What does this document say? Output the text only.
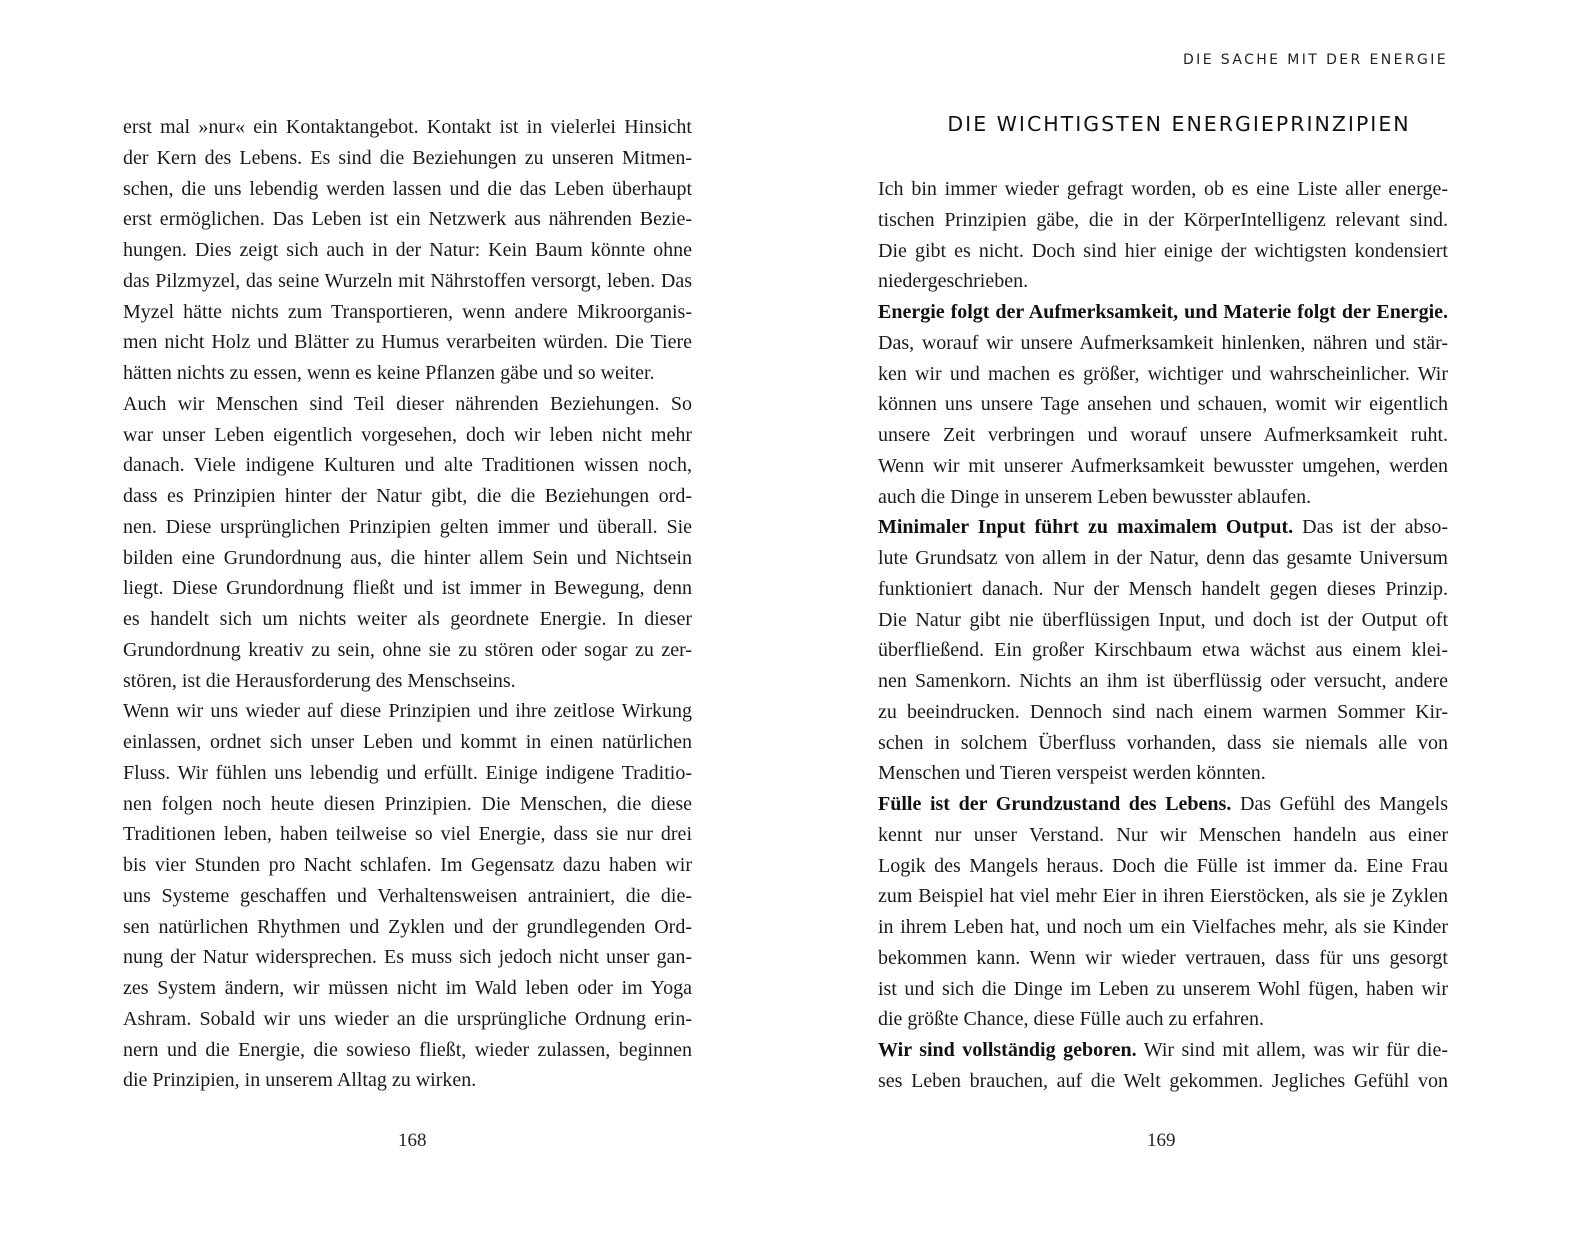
erst mal »nur« ein Kontaktangebot. Kontakt ist in vielerlei Hinsicht
der Kern des Lebens. Es sind die Beziehungen zu unseren Mitmen-
schen, die uns lebendig werden lassen und die das Leben überhaupt
erst ermöglichen. Das Leben ist ein Netzwerk aus nährenden Bezie-
hungen. Dies zeigt sich auch in der Natur: Kein Baum könnte ohne
das Pilzmyzel, das seine Wurzeln mit Nährstoffen versorgt, leben. Das
Myzel hätte nichts zum Transportieren, wenn andere Mikroorganis-
men nicht Holz und Blätter zu Humus verarbeiten würden. Die Tiere
hätten nichts zu essen, wenn es keine Pflanzen gäbe und so weiter.
Auch wir Menschen sind Teil dieser nährenden Beziehungen. So
war unser Leben eigentlich vorgesehen, doch wir leben nicht mehr
danach. Viele indigene Kulturen und alte Traditionen wissen noch,
dass es Prinzipien hinter der Natur gibt, die die Beziehungen ord-
nen. Diese ursprünglichen Prinzipien gelten immer und überall. Sie
bilden eine Grundordnung aus, die hinter allem Sein und Nichtsein
liegt. Diese Grundordnung fließt und ist immer in Bewegung, denn
es handelt sich um nichts weiter als geordnete Energie. In dieser
Grundordnung kreativ zu sein, ohne sie zu stören oder sogar zu zer-
stören, ist die Herausforderung des Menschseins.
Wenn wir uns wieder auf diese Prinzipien und ihre zeitlose Wirkung
einlassen, ordnet sich unser Leben und kommt in einen natürlichen
Fluss. Wir fühlen uns lebendig und erfüllt. Einige indigene Traditio-
nen folgen noch heute diesen Prinzipien. Die Menschen, die diese
Traditionen leben, haben teilweise so viel Energie, dass sie nur drei
bis vier Stunden pro Nacht schlafen. Im Gegensatz dazu haben wir
uns Systeme geschaffen und Verhaltensweisen antrainiert, die die-
sen natürlichen Rhythmen und Zyklen und der grundlegenden Ord-
nung der Natur widersprechen. Es muss sich jedoch nicht unser gan-
zes System ändern, wir müssen nicht im Wald leben oder im Yoga
Ashram. Sobald wir uns wieder an die ursprüngliche Ordnung erin-
nern und die Energie, die sowieso fließt, wieder zulassen, beginnen
die Prinzipien, in unserem Alltag zu wirken.
168
DIE SACHE MIT DER ENERGIE
DIE WICHTIGSTEN ENERGIEPRINZIPIEN
Ich bin immer wieder gefragt worden, ob es eine Liste aller energe-
tischen Prinzipien gäbe, die in der KörperIntelligenz relevant sind.
Die gibt es nicht. Doch sind hier einige der wichtigsten kondensiert
niedergeschrieben.
Energie folgt der Aufmerksamkeit, und Materie folgt der Energie.
Das, worauf wir unsere Aufmerksamkeit hinlenken, nähren und stär-
ken wir und machen es größer, wichtiger und wahrscheinlicher. Wir
können uns unsere Tage ansehen und schauen, womit wir eigentlich
unsere Zeit verbringen und worauf unsere Aufmerksamkeit ruht.
Wenn wir mit unserer Aufmerksamkeit bewusster umgehen, werden
auch die Dinge in unserem Leben bewusster ablaufen.
Minimaler Input führt zu maximalem Output. Das ist der abso-
lute Grundsatz von allem in der Natur, denn das gesamte Universum
funktioniert danach. Nur der Mensch handelt gegen dieses Prinzip.
Die Natur gibt nie überflüssigen Input, und doch ist der Output oft
überfließend. Ein großer Kirschbaum etwa wächst aus einem klei-
nen Samenkorn. Nichts an ihm ist überflüssig oder versucht, andere
zu beeindrucken. Dennoch sind nach einem warmen Sommer Kir-
schen in solchem Überfluss vorhanden, dass sie niemals alle von
Menschen und Tieren verspeist werden könnten.
Fülle ist der Grundzustand des Lebens. Das Gefühl des Mangels
kennt nur unser Verstand. Nur wir Menschen handeln aus einer
Logik des Mangels heraus. Doch die Fülle ist immer da. Eine Frau
zum Beispiel hat viel mehr Eier in ihren Eierstöcken, als sie je Zyklen
in ihrem Leben hat, und noch um ein Vielfaches mehr, als sie Kinder
bekommen kann. Wenn wir wieder vertrauen, dass für uns gesorgt
ist und sich die Dinge im Leben zu unserem Wohl fügen, haben wir
die größte Chance, diese Fülle auch zu erfahren.
Wir sind vollständig geboren. Wir sind mit allem, was wir für die-
ses Leben brauchen, auf die Welt gekommen. Jegliches Gefühl von
169
